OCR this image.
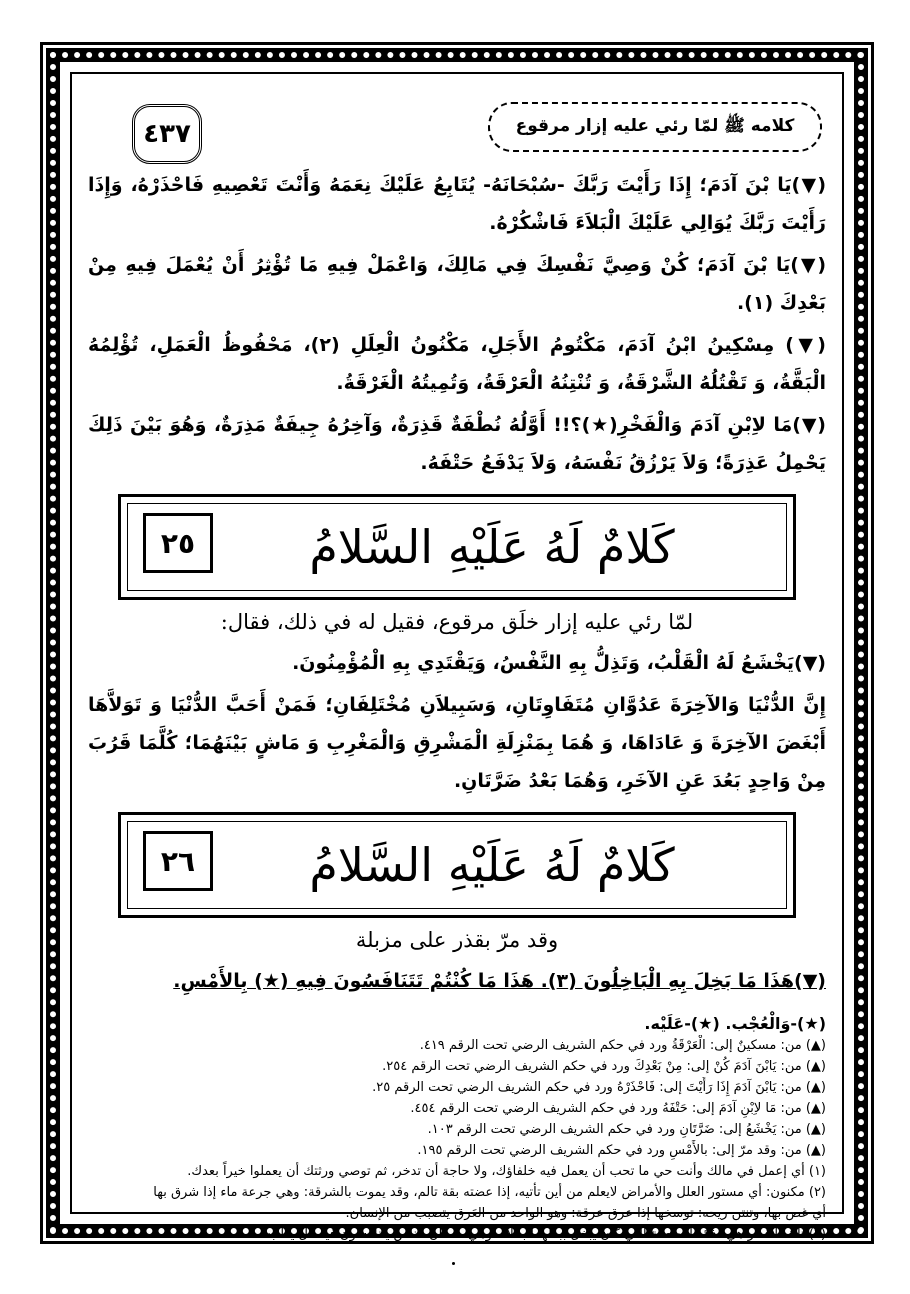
كلامه ﷺ لمّا رئي عليه إزار مرقوع
٤٣٧

(▼)يَا بْنَ آدَمَ؛ إِذَا رَأَيْتَ رَبَّكَ -سُبْحَانَهُ- يُتَابِعُ عَلَيْكَ نِعَمَهُ وَأَنْتَ تَعْصِيهِ فَاحْذَرْهُ، وَإِذَا رَأَيْتَ رَبَّكَ يُوَالِي عَلَيْكَ الْبَلاَءَ فَاشْكُرْهُ.

(▼)يَا بْنَ آدَمَ؛ كُنْ وَصِيَّ نَفْسِكَ فِي مَالِكَ، وَاعْمَلْ فِيهِ مَا تُؤْثِرُ أَنْ يُعْمَلَ فِيهِ مِنْ بَعْدِكَ (١).

(▼) مِسْكِينُ ابْنُ آدَمَ، مَكْتُومُ الأَجَلِ، مَكْنُونُ الْعِلَلِ (٢)، مَحْفُوظُ الْعَمَلِ، تُؤْلِمُهُ الْبَقَّةُ، وَ تَقْتُلُهُ الشَّرْقَةُ، وَ تُنْتِنُهُ الْعَرْقَةُ، وَتُمِيتُهُ الْغَرْقَةُ.

(▼)مَا لاِبْنِ آدَمَ وَالْفَخْرِ(★)؟!! أَوَّلُهُ نُطْفَةٌ قَذِرَةٌ، وَآخِرُهُ جِيفَةٌ مَذِرَةٌ، وَهُوَ بَيْنَ ذَلِكَ يَحْمِلُ عَذِرَةً؛ وَلاَ يَرْزُقُ نَفْسَهُ، وَلاَ يَدْفَعُ حَتْفَهُ.

كَلامٌ لَهُ عَلَيْهِ السَّلامُ
٢٥

لمّا رئي عليه إزار خلَق مرقوع، فقيل له في ذلك، فقال:

(▼)يَخْشَعُ لَهُ الْقَلْبُ، وَتَذِلُّ بِهِ النَّفْسُ، وَيَقْتَدِي بِهِ الْمُؤْمِنُونَ.

إِنَّ الدُّنْيَا وَالآخِرَةَ عَدُوَّانِ مُتَفَاوِتَانِ، وَسَبِيلاَنِ مُخْتَلِفَانِ؛ فَمَنْ أَحَبَّ الدُّنْيَا وَ تَوَلاَّهَا أَبْغَضَ الآخِرَةَ وَ عَادَاهَا، وَ هُمَا بِمَنْزِلَةِ الْمَشْرِقِ وَالْمَغْرِبِ وَ مَاشٍ بَيْنَهُمَا؛ كُلَّمَا قَرُبَ مِنْ وَاحِدٍ بَعُدَ عَنِ الآخَرِ، وَهُمَا بَعْدُ ضَرَّتَانِ.

كَلامٌ لَهُ عَلَيْهِ السَّلامُ
٢٦

وقد مرّ بقذر على مزبلة

(▼)هَذَا مَا بَخِلَ بِهِ الْبَاخِلُونَ (٣). هَذَا مَا كُنْتُمْ تَتَنَافَسُونَ فِيهِ (★) بِالأَمْسِ.

(★)-وَالْعُجْب. (★)-عَلَيْه.
(▲) من: مسكينٌ إلى: الْعَرْقَةُ ورد في حكم الشريف الرضي تحت الرقم ٤١٩.
(▲) من: يَابْنَ آدَمَ كُنْ إلى: مِنْ بَعْدِكَ ورد في حكم الشريف الرضي تحت الرقم ٢٥٤.
(▲) من: يَابْنَ آدَمَ إِذَا رَأَيْتَ إلى: فَاحْذَرْهُ ورد في حكم الشريف الرضي تحت الرقم ٢٥.
(▲) من: مَا لاِبْنِ آدَمَ إلى: حَتْفَهُ ورد في حكم الشريف الرضي تحت الرقم ٤٥٤.
(▲) من: يَخْشَعُ إلى: ضَرَّتَانِ ورد في حكم الشريف الرضي تحت الرقم ١٠٣.
(▲) من: وقد مرّ إلى: بالأَمْسِ ورد في حكم الشريف الرضي تحت الرقم ١٩٥.
(١) أي إعمل في مالك وأنت حي ما تحب أن يعمل فيه خلفاؤك، ولا حاجة أن تدخر، ثم توصي ورثتك أن يعملوا خيراً بعدك.
(٢) مكنون: أي مستور العلل والأمراض لايعلم من أين تأتيه، إذا عضته بقة تالم، وقد يموت بالشرقة: وهي جرعة ماء إذا شرق بها
أي غص بها، وتنتن ريحه: توسخها إذا عرق عرقة: وهو الواحد من العَرق يتصبب من الإنسان.
(٣) تلك الأقذار هي لذائذ الأطعمة التي كان يبخل ببذلها البخلاء، وهي ما كان الناس يتنافسون فيه كل يطلبه.
